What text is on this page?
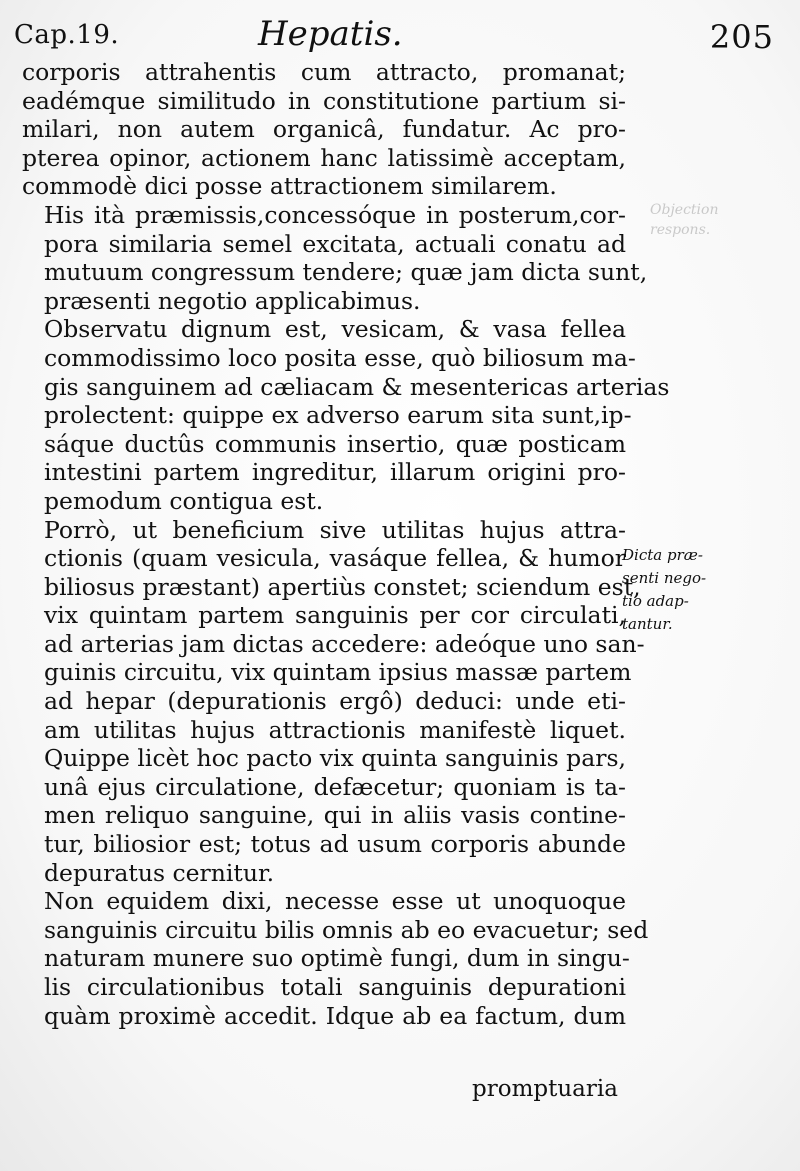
Cap.19.	Hepatis.	205
Objection
respons.

corporis attrahentis cum attracto, promanat;
eadémque similitudo in constitutione partium si-
milari, non autem organicâ, fundatur. Ac pro-
pterea opinor, actionem hanc latissimè acceptam,
commodè dici posse attractionem similarem.

His ità præmissis,concessóque in posterum,cor-
pora similaria semel excitata, actuali conatu ad
mutuum congressum tendere; quæ jam dicta sunt,
præsenti negotio applicabimus.

Observatu dignum est, vesicam, & vasa fellea
commodissimo loco posita esse, quò biliosum ma-
gis sanguinem ad cæliacam & mesentericas arterias
prolectent: quippe ex adverso earum sita sunt,ip-
sáque ductûs communis insertio, quæ posticam
intestini partem ingreditur, illarum origini pro-
pemodum contigua est.

Porrò, ut beneficium sive utilitas hujus attra-
ctionis (quam vesicula, vasáque fellea, & humor
biliosus præstant) apertiùs constet; sciendum est,
vix quintam partem sanguinis per cor circulati,
ad arterias jam dictas accedere: adeóque uno san-
guinis circuitu, vix quintam ipsius massæ partem
ad hepar (depurationis ergô) deduci: unde eti-
am utilitas hujus attractionis manifestè liquet.
Quippe licèt hoc pacto vix quinta sanguinis pars,
unâ ejus circulatione, defæcetur; quoniam is ta-
men reliquo sanguine, qui in aliis vasis contine-
tur, biliosior est; totus ad usum corporis abunde
depuratus cernitur.

Non equidem dixi, necesse esse ut unoquoque
sanguinis circuitu bilis omnis ab eo evacuetur; sed
naturam munere suo optimè fungi, dum in singu-
lis circulationibus totali sanguinis depurationi
quàm proximè accedit. Idque ab ea factum, dum

Dicta præ-
senti nego-
tio adap-
tantur.
promptuaria
